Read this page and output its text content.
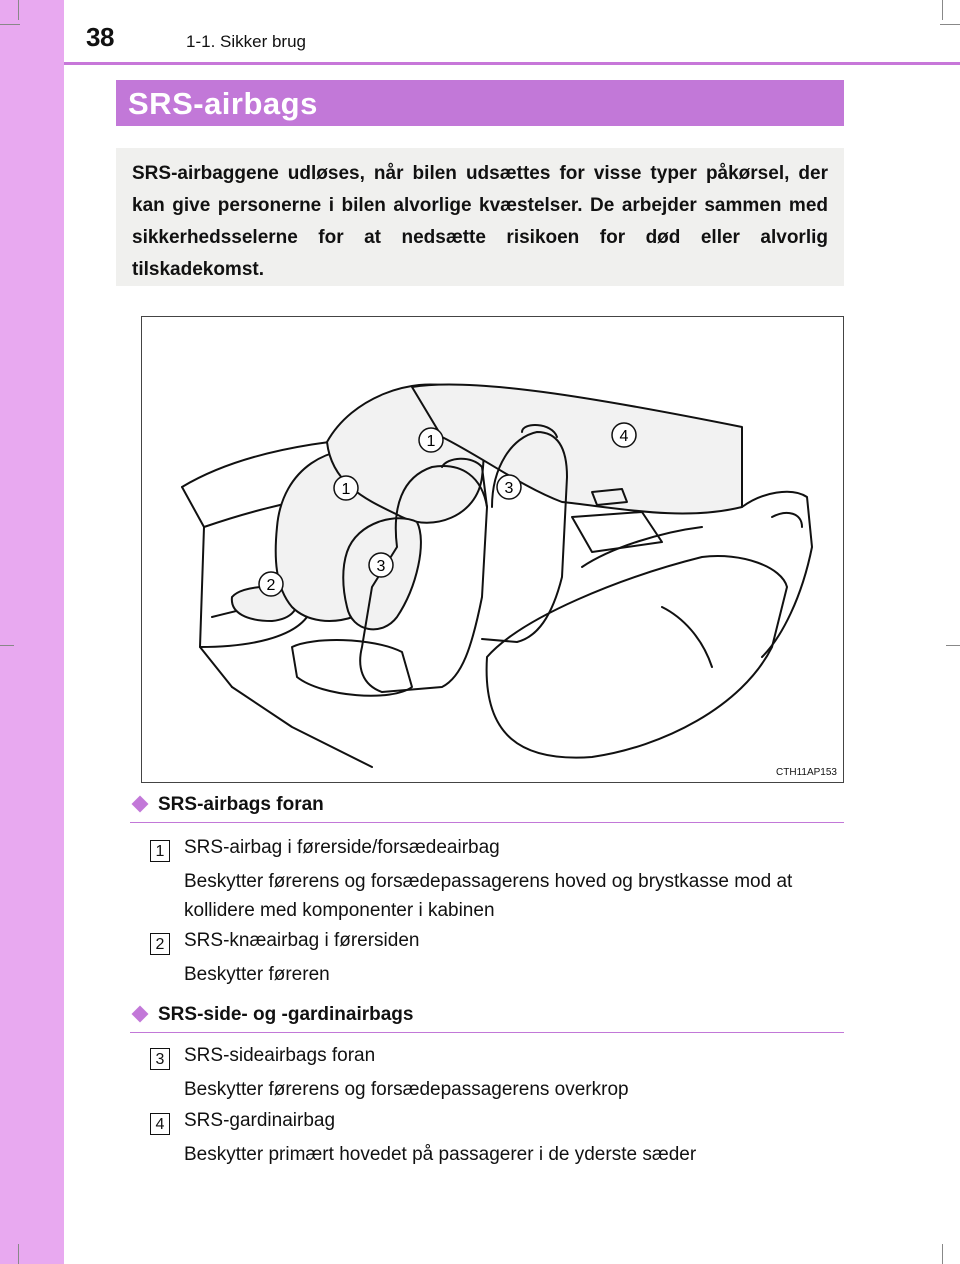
38	1-1. Sikker brug
SRS-airbags
SRS-airbaggene udløses, når bilen udsættes for visse typer påkørsel, der kan give personerne i bilen alvorlige kvæstelser. De arbejder sammen med sikkerhedsselerne for at nedsætte risikoen for død eller alvorlig tilskadekomst.
1
1
2
3
3
4
CTH11AP153
SRS-airbags foran
1 SRS-airbag i førerside/forsædeairbag
Beskytter førerens og forsædepassagerens hoved og brystkasse mod at kollidere med komponenter i kabinen
2 SRS-knæairbag i førersiden
Beskytter føreren
SRS-side- og -gardinairbags
3 SRS-sideairbags foran
Beskytter førerens og forsædepassagerens overkrop
4 SRS-gardinairbag
Beskytter primært hovedet på passagerer i de yderste sæder
